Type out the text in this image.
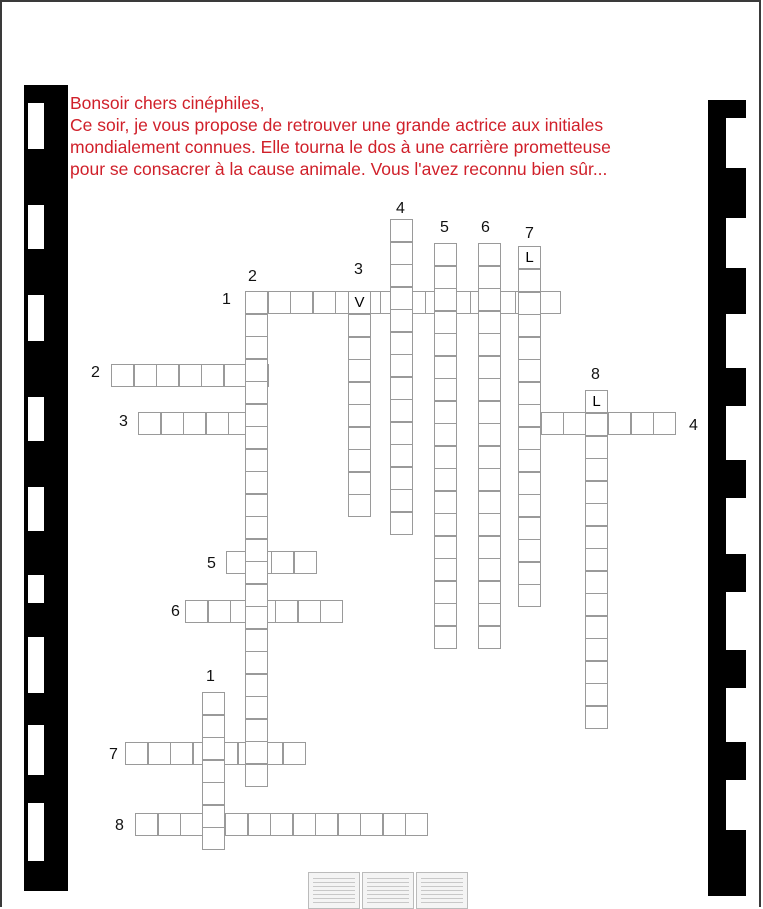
Bonsoir chers cinéphiles,
Ce soir, je vous propose de retrouver une grande actrice aux initiales
mondialement connues. Elle tourna le dos à une carrière prometteuse
pour se consacrer à la cause animale. Vous l'avez reconnu bien sûr...
1
2
3	4
5
6
7
8
1
2	3
4
5 6 7
8
V
L
L
